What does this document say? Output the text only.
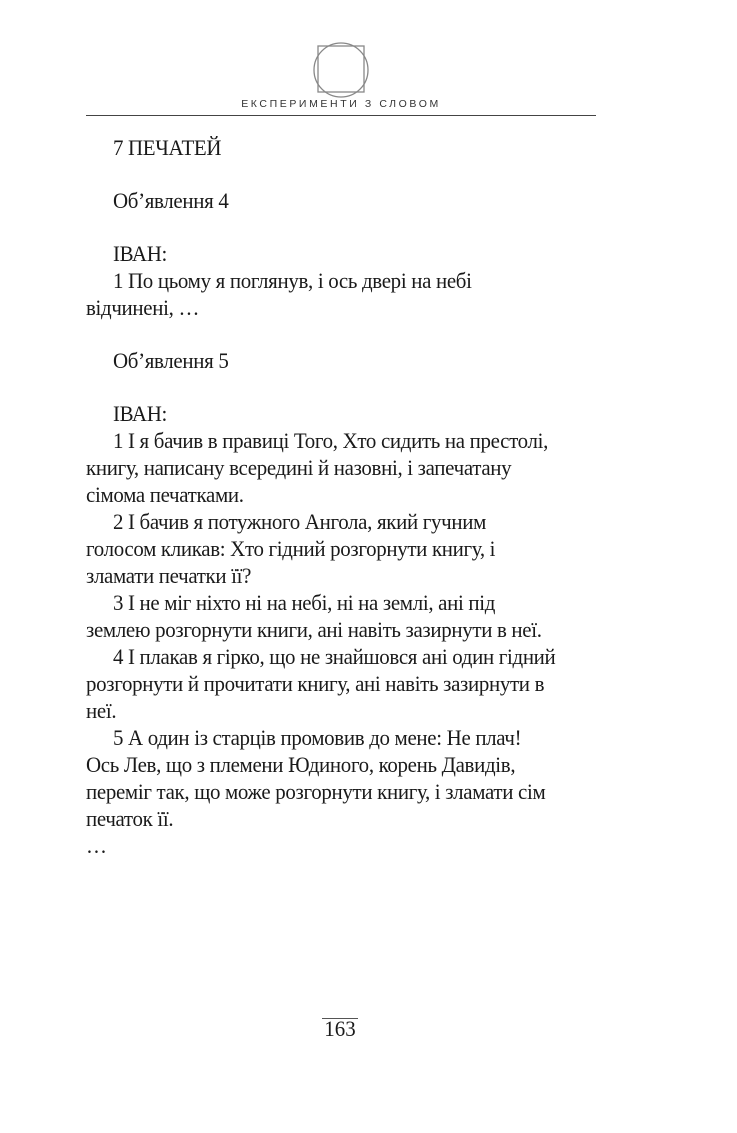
ЕКСПЕРИМЕНТИ З СЛОВОМ
7 ПЕЧАТЕЙ
Об’явлення 4
ІВАН:
1 По цьому я поглянув, і ось двері на небі
відчинені, …
Об’явлення 5
ІВАН:
1 І я бачив в правиці Того, Хто сидить на престолі,
книгу, написану всередині й назовні, і запечатану
сімома печатками.
2 І бачив я потужного Ангола, який гучним
голосом кликав: Хто гідний розгорнути книгу, і
зламати печатки її?
3 І не міг ніхто ні на небі, ні на землі, ані під
землею розгорнути книги, ані навіть зазирнути в неї.
4 І плакав я гірко, що не знайшовся ані один гідний
розгорнути й прочитати книгу, ані навіть зазирнути в
неї.
5 А один із старців промовив до мене: Не плач!
Ось Лев, що з племени Юдиного, корень Давидів,
переміг так, що може розгорнути книгу, і зламати сім
печаток її.
…
163
